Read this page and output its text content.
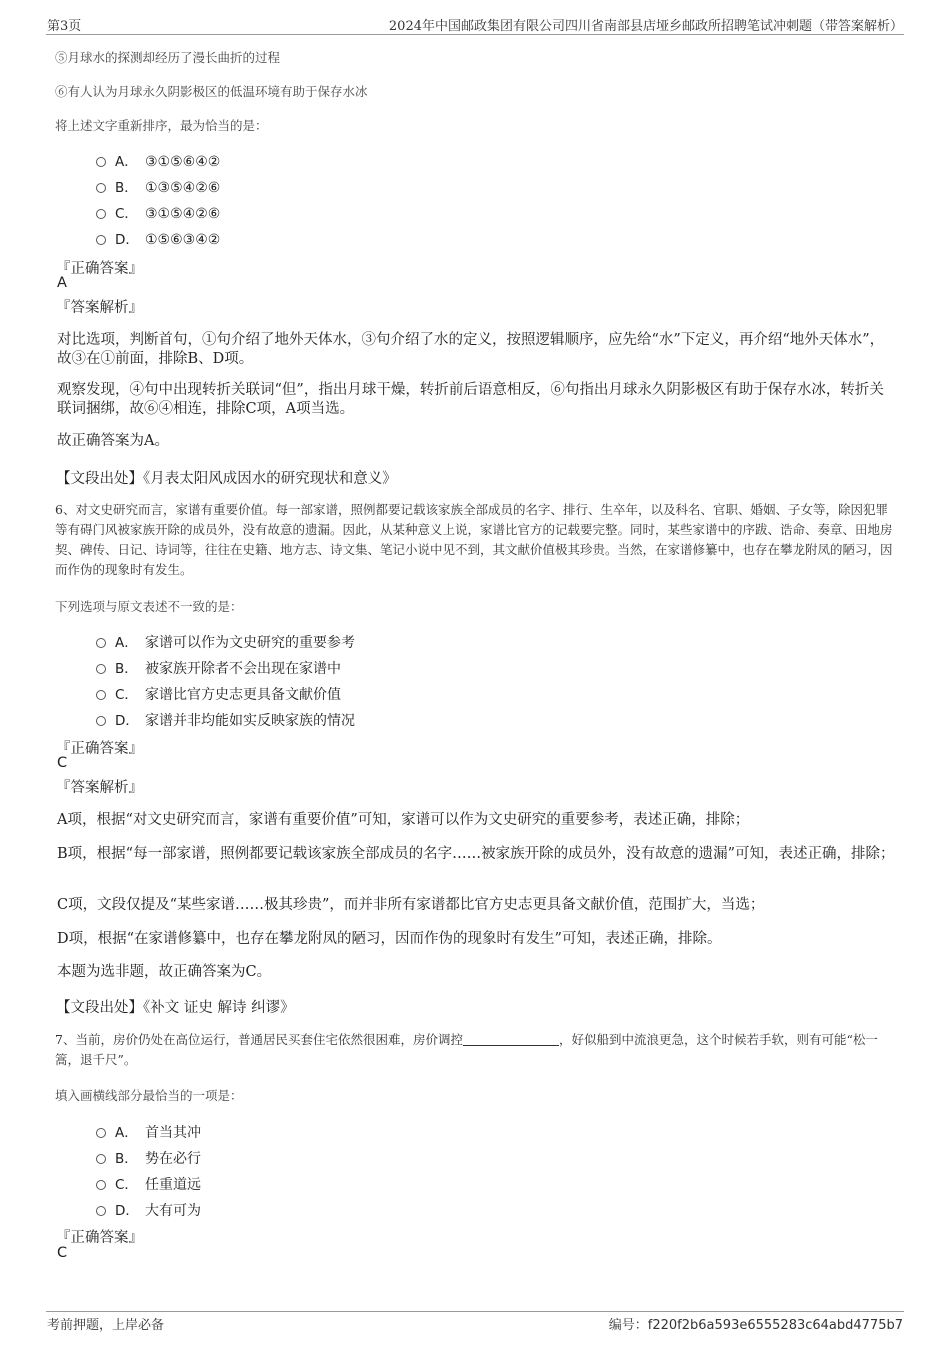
第3页	2024年中国邮政集团有限公司四川省南部县店垭乡邮政所招聘笔试冲刺题（带答案解析）
⑤月球水的探测却经历了漫长曲折的过程
⑥有人认为月球永久阴影极区的低温环境有助于保存水冰
将上述文字重新排序，最为恰当的是：
A． ③①⑤⑥④②
B． ①③⑤④②⑥
C． ③①⑤④②⑥
D． ①⑤⑥③④②
『正确答案』
A
『答案解析』
对比选项，判断首句，①句介绍了地外天体水，③句介绍了水的定义，按照逻辑顺序，应先给“水”下定义，再介绍“地外天体水”，故③在①前面，排除B、D项。
观察发现，④句中出现转折关联词“但”，指出月球干燥，转折前后语意相反，⑥句指出月球永久阴影极区有助于保存水冰，转折关联词捆绑，故⑥④相连，排除C项，A项当选。
故正确答案为A。
【文段出处】《月表太阳风成因水的研究现状和意义》
6、对文史研究而言，家谱有重要价值。每一部家谱，照例都要记载该家族全部成员的名字、排行、生卒年，以及科名、官职、婚姻、子女等，除因犯罪等有碍门风被家族开除的成员外，没有故意的遗漏。因此，从某种意义上说，家谱比官方的记载要完整。同时，某些家谱中的序跋、诰命、奏章、田地房契、碑传、日记、诗词等，往往在史籍、地方志、诗文集、笔记小说中见不到，其文献价值极其珍贵。当然，在家谱修纂中，也存在攀龙附凤的陋习，因而作伪的现象时有发生。
下列选项与原文表述不一致的是：
A． 家谱可以作为文史研究的重要参考
B． 被家族开除者不会出现在家谱中
C． 家谱比官方史志更具备文献价值
D． 家谱并非均能如实反映家族的情况
『正确答案』
C
『答案解析』
A项，根据“对文史研究而言，家谱有重要价值”可知，家谱可以作为文史研究的重要参考，表述正确，排除；
B项，根据“每一部家谱，照例都要记载该家族全部成员的名字……被家族开除的成员外，没有故意的遗漏”可知，表述正确，排除；
C项，文段仅提及“某些家谱……极其珍贵”，而并非所有家谱都比官方史志更具备文献价值，范围扩大，当选；
D项，根据“在家谱修纂中，也存在攀龙附凤的陋习，因而作伪的现象时有发生”可知，表述正确，排除。
本题为选非题，故正确答案为C。
【文段出处】《补文 证史 解诗 纠谬》
7、当前，房价仍处在高位运行，普通居民买套住宅依然很困难，房价调控	，好似船到中流浪更急，这个时候若手软，则有可能“松一篙，退千尺”。
填入画横线部分最恰当的一项是：
A． 首当其冲
B． 势在必行
C． 任重道远
D． 大有可为
『正确答案』
C
考前押题，上岸必备	编号：f220f2b6a593e6555283c64abd4775b7
